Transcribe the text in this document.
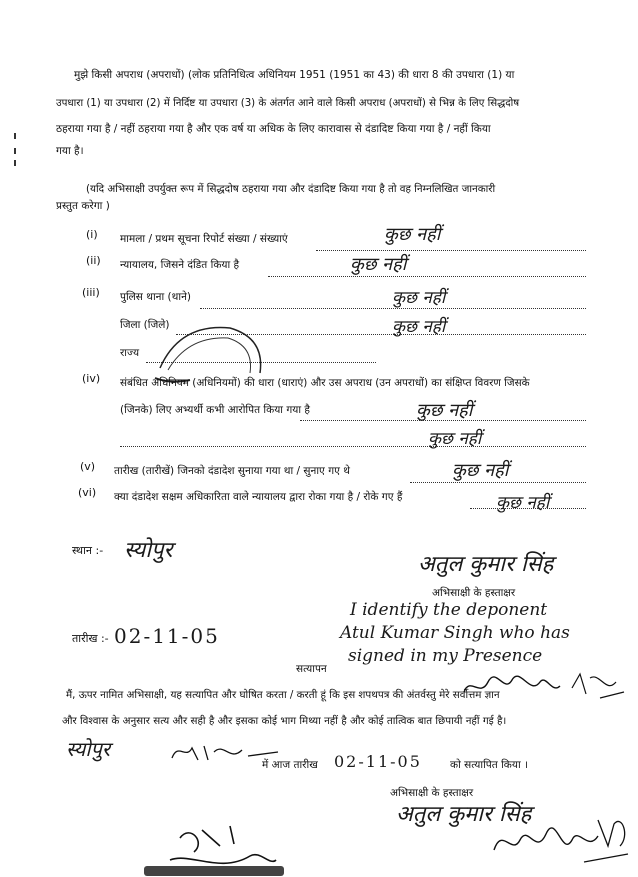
मुझे किसी अपराध (अपराधों) (लोक प्रतिनिधित्व अधिनियम 1951 (1951 का 43) की धारा 8 की उपधारा (1) या
उपधारा (1) या उपधारा (2) में निर्दिष्ट या उपधारा (3) के अंतर्गत आने वाले किसी अपराध (अपराधों) से भिन्न के लिए सिद्धदोष
ठहराया गया है / नहीं ठहराया गया है और एक वर्ष या अधिक के लिए कारावास से दंडादिष्ट किया गया है / नहीं किया
गया है।
(यदि अभिसाक्षी उपर्युक्त रूप में सिद्धदोष ठहराया गया और दंडादिष्ट किया गया है तो वह निम्नलिखित जानकारी
प्रस्तुत करेगा )
(i) मामला / प्रथम सूचना रिपोर्ट संख्या / संख्याएं	कुछ नहीं
(ii) न्यायालय, जिसने दंडित किया है	कुछ नहीं
(iii) पुलिस थाना (थाने)	कुछ नहीं
जिला (जिले)	कुछ नहीं
राज्य
(iv) संबंधित अधिनियम (अधिनियमों) की धारा (धाराएं) और उस अपराध (उन अपराधों) का संक्षिप्त विवरण जिसके
(जिनके) लिए अभ्यर्थी कभी आरोपित किया गया है	कुछ नहीं
कुछ नहीं
(v) तारीख (तारीखें) जिनको दंडादेश सुनाया गया था / सुनाए गए थे	कुछ नहीं
(vi) क्या दंडादेश सक्षम अधिकारिता वाले न्यायालय द्वारा रोका गया है / रोके गए हैं	कुछ नहीं
स्थान :- स्योपुर
अतुल कुमार सिंह
अभिसाक्षी के हस्ताक्षर
I identify the deponent
Atul Kumar Singh who has
signed in my Presence
तारीख :- 02-11-05
सत्यापन
मैं, ऊपर नामित अभिसाक्षी, यह सत्यापित और घोषित करता / करती हूं कि इस शपथपत्र की अंतर्वस्तु मेरे सर्वोत्तम ज्ञान
और विश्वास के अनुसार सत्य और सही है और इसका कोई भाग मिथ्या नहीं है और कोई तात्विक बात छिपायी नहीं गई है।
स्योपुर
में आज तारीख 02-11-05	को सत्यापित किया ।
अभिसाक्षी के हस्ताक्षर
अतुल कुमार सिंह
